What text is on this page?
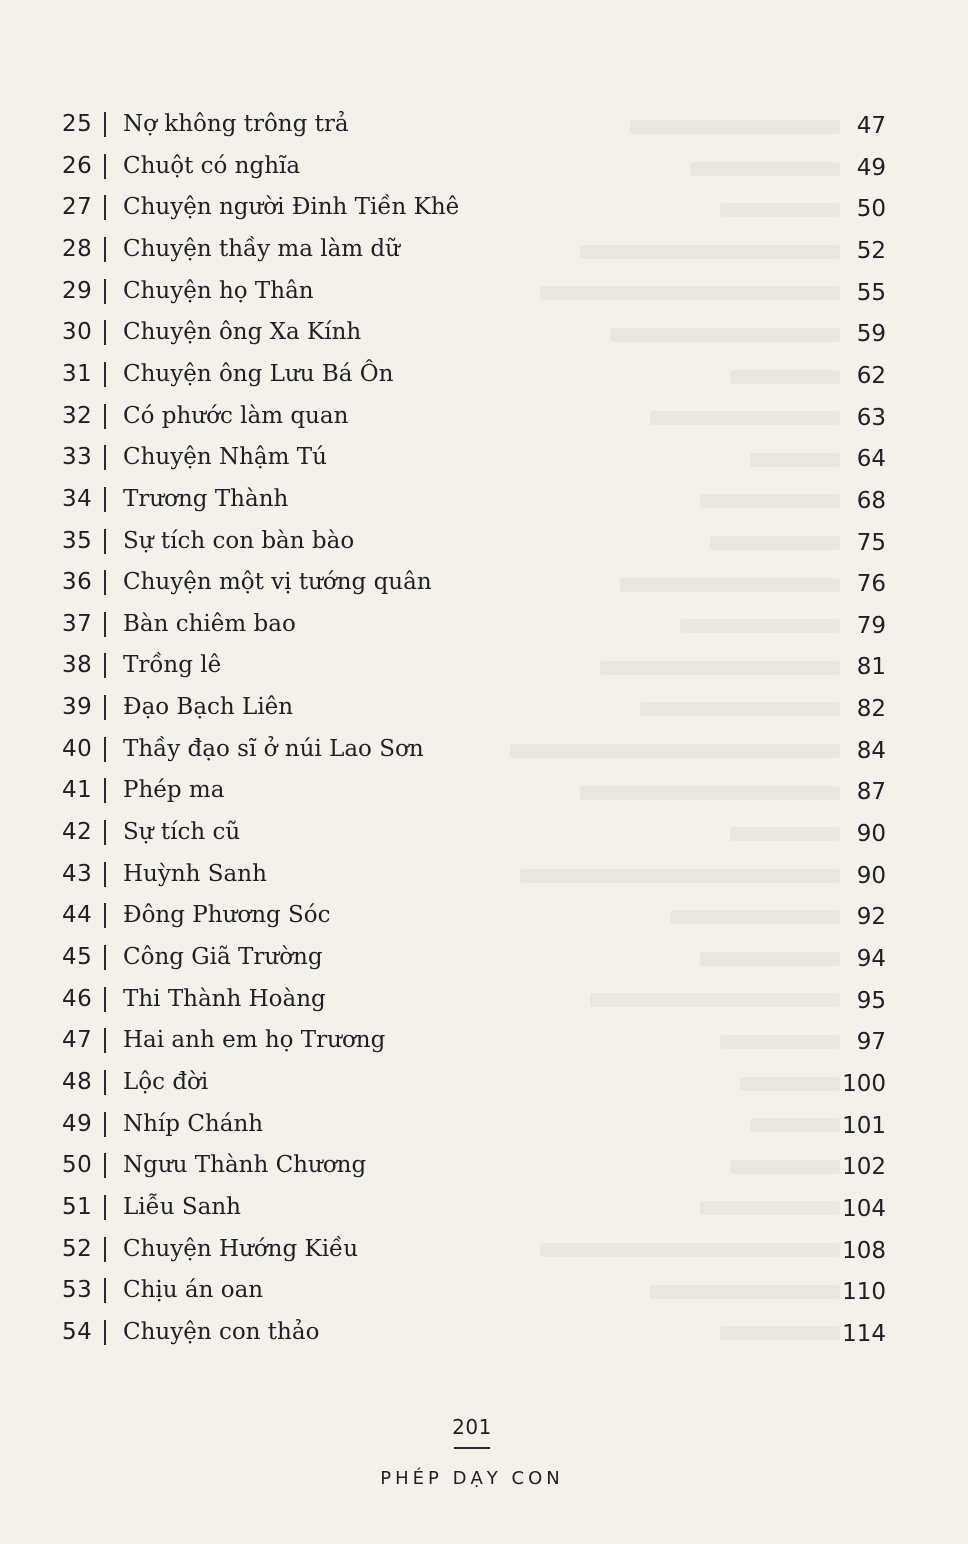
25 Nợ không trông trả	47
26 Chuột có nghĩa	49
27 Chuyện người Đinh Tiền Khê	50
28 Chuyện thầy ma làm dữ	52
29 Chuyện họ Thân	55
30 Chuyện ông Xa Kính	59
31 Chuyện ông Lưu Bá Ôn	62
32 Có phước làm quan	63
33 Chuyện Nhậm Tú	64
34 Trương Thành	68
35 Sự tích con bàn bào	75
36 Chuyện một vị tướng quân	76
37 Bàn chiêm bao	79
38 Trồng lê	81
39 Đạo Bạch Liên	82
40 Thầy đạo sĩ ở núi Lao Sơn	84
41 Phép ma	87
42 Sự tích cũ	90
43 Huỳnh Sanh	90
44 Đông Phương Sóc	92
45 Công Giã Trường	94
46 Thi Thành Hoàng	95
47 Hai anh em họ Trương	97
48 Lộc đời	100
49 Nhíp Chánh	101
50 Ngưu Thành Chương	102
51 Liễu Sanh	104
52 Chuyện Hướng Kiều	108
53 Chịu án oan	110
54 Chuyện con thảo	114
201
PHÉP DẠY CON
